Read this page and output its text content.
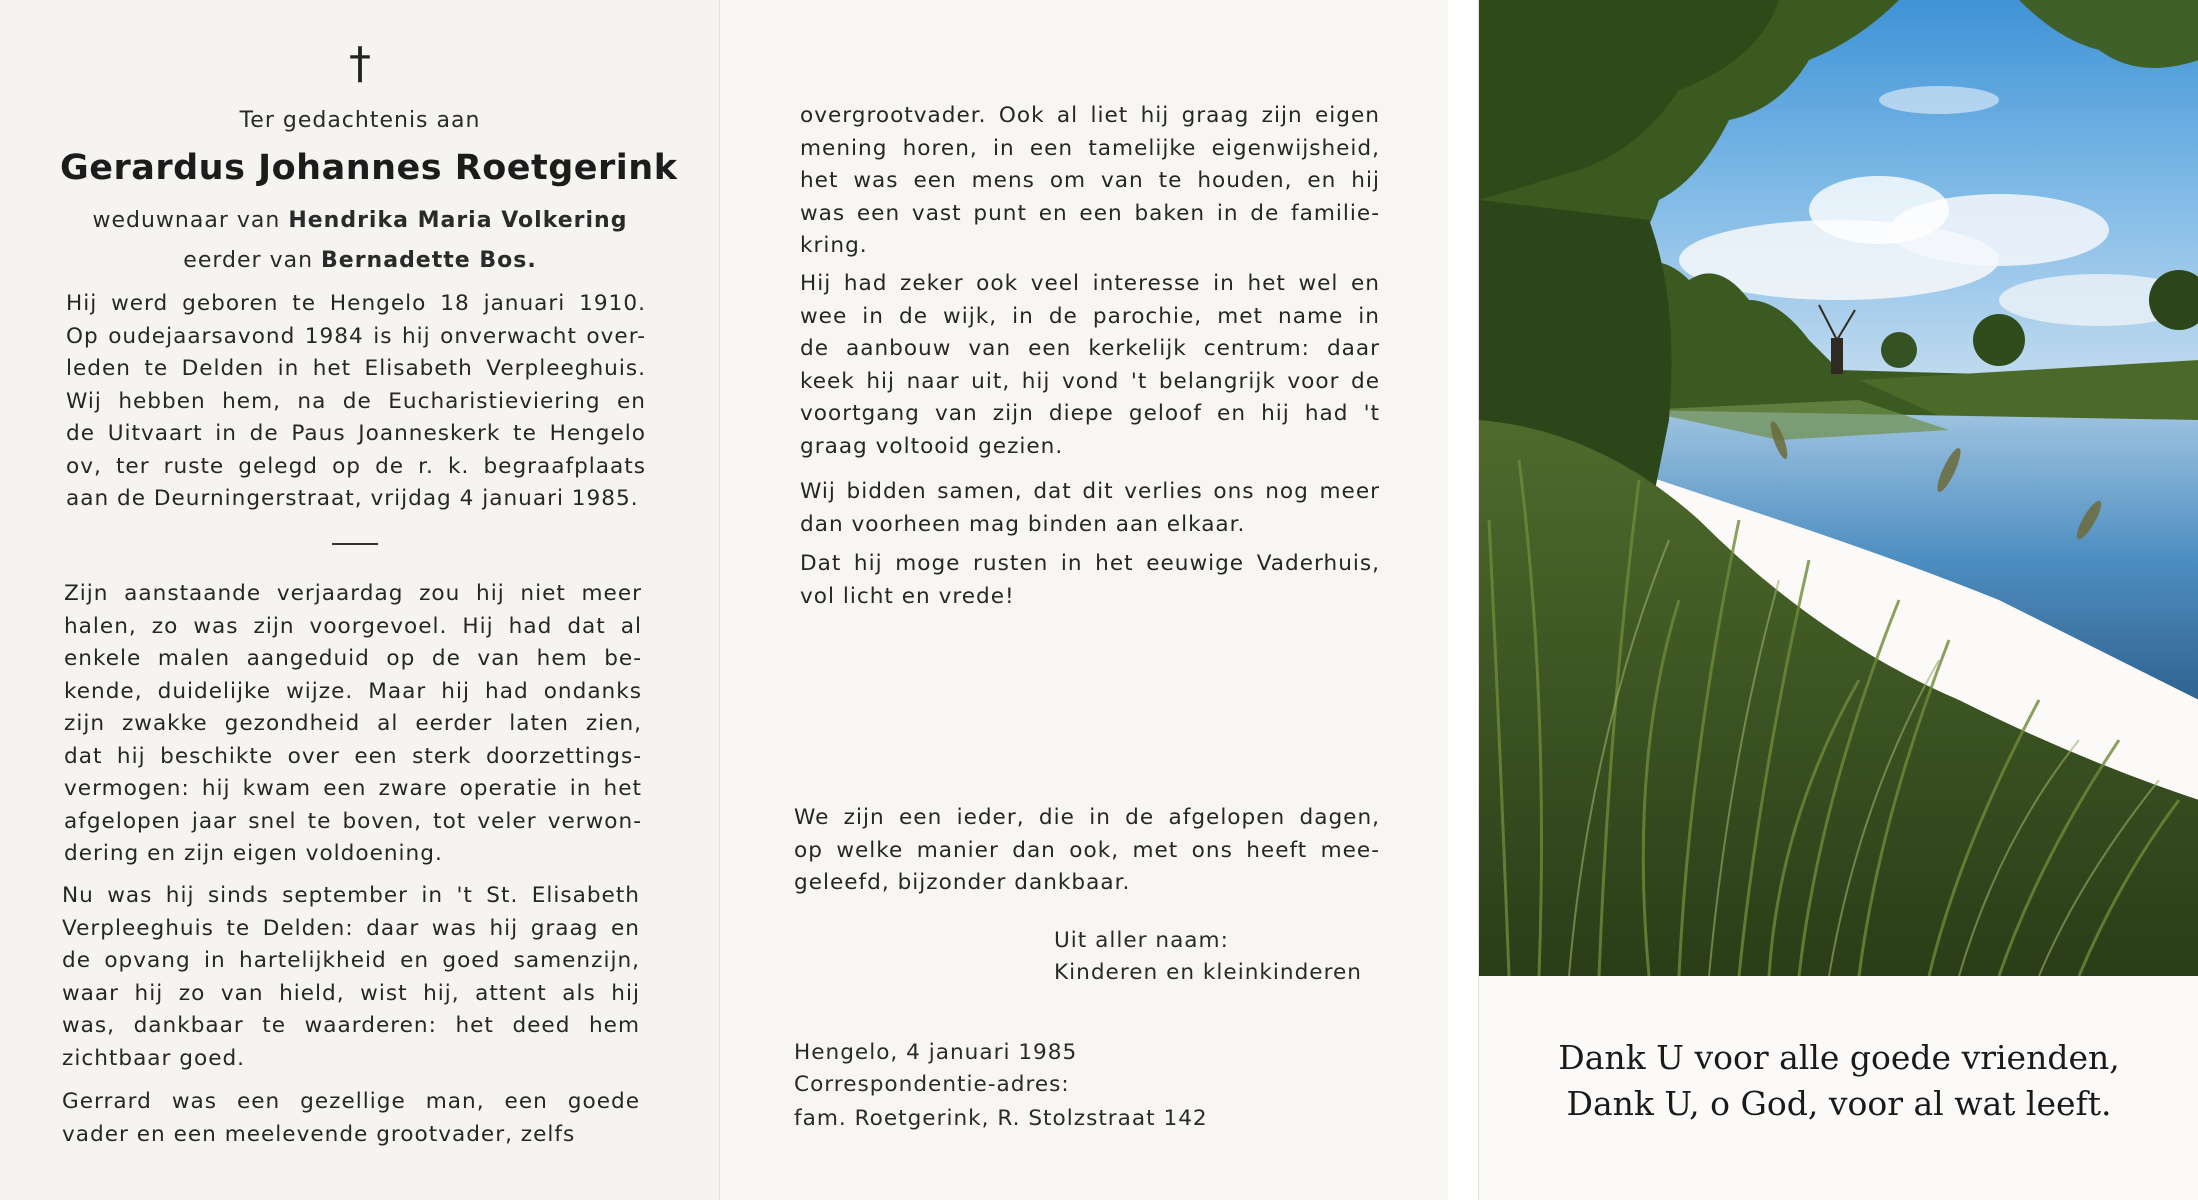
†
Ter gedachtenis aan
Gerardus Johannes Roetgerink
weduwnaar van Hendrika Maria Volkering
eerder van Bernadette Bos.
Hij werd geboren te Hengelo 18 januari 1910.
Op oudejaarsavond 1984 is hij onverwacht over-
leden te Delden in het Elisabeth Verpleeghuis.
Wij hebben hem, na de Eucharistieviering en
de Uitvaart in de Paus Joanneskerk te Hengelo
ov, ter ruste gelegd op de r. k. begraafplaats
aan de Deurningerstraat, vrijdag 4 januari 1985.
Zijn aanstaande verjaardag zou hij niet meer
halen, zo was zijn voorgevoel. Hij had dat al
enkele malen aangeduid op de van hem be-
kende, duidelijke wijze. Maar hij had ondanks
zijn zwakke gezondheid al eerder laten zien,
dat hij beschikte over een sterk doorzettings-
vermogen: hij kwam een zware operatie in het
afgelopen jaar snel te boven, tot veler verwon-
dering en zijn eigen voldoening.
Nu was hij sinds september in 't St. Elisabeth
Verpleeghuis te Delden: daar was hij graag en
de opvang in hartelijkheid en goed samenzijn,
waar hij zo van hield, wist hij, attent als hij
was, dankbaar te waarderen: het deed hem
zichtbaar goed.
Gerrard was een gezellige man, een goede
vader en een meelevende grootvader, zelfs
overgrootvader. Ook al liet hij graag zijn eigen
mening horen, in een tamelijke eigenwijsheid,
het was een mens om van te houden, en hij
was een vast punt en een baken in de familie-
kring.
Hij had zeker ook veel interesse in het wel en
wee in de wijk, in de parochie, met name in
de aanbouw van een kerkelijk centrum: daar
keek hij naar uit, hij vond 't belangrijk voor de
voortgang van zijn diepe geloof en hij had 't
graag voltooid gezien.
Wij bidden samen, dat dit verlies ons nog meer
dan voorheen mag binden aan elkaar.
Dat hij moge rusten in het eeuwige Vaderhuis,
vol licht en vrede!
We zijn een ieder, die in de afgelopen dagen,
op welke manier dan ook, met ons heeft mee-
geleefd, bijzonder dankbaar.
Uit aller naam:
Kinderen en kleinkinderen
Hengelo, 4 januari 1985
Correspondentie-adres:
fam. Roetgerink, R. Stolzstraat 142
Dank U voor alle goede vrienden,
Dank U, o God, voor al wat leeft.
